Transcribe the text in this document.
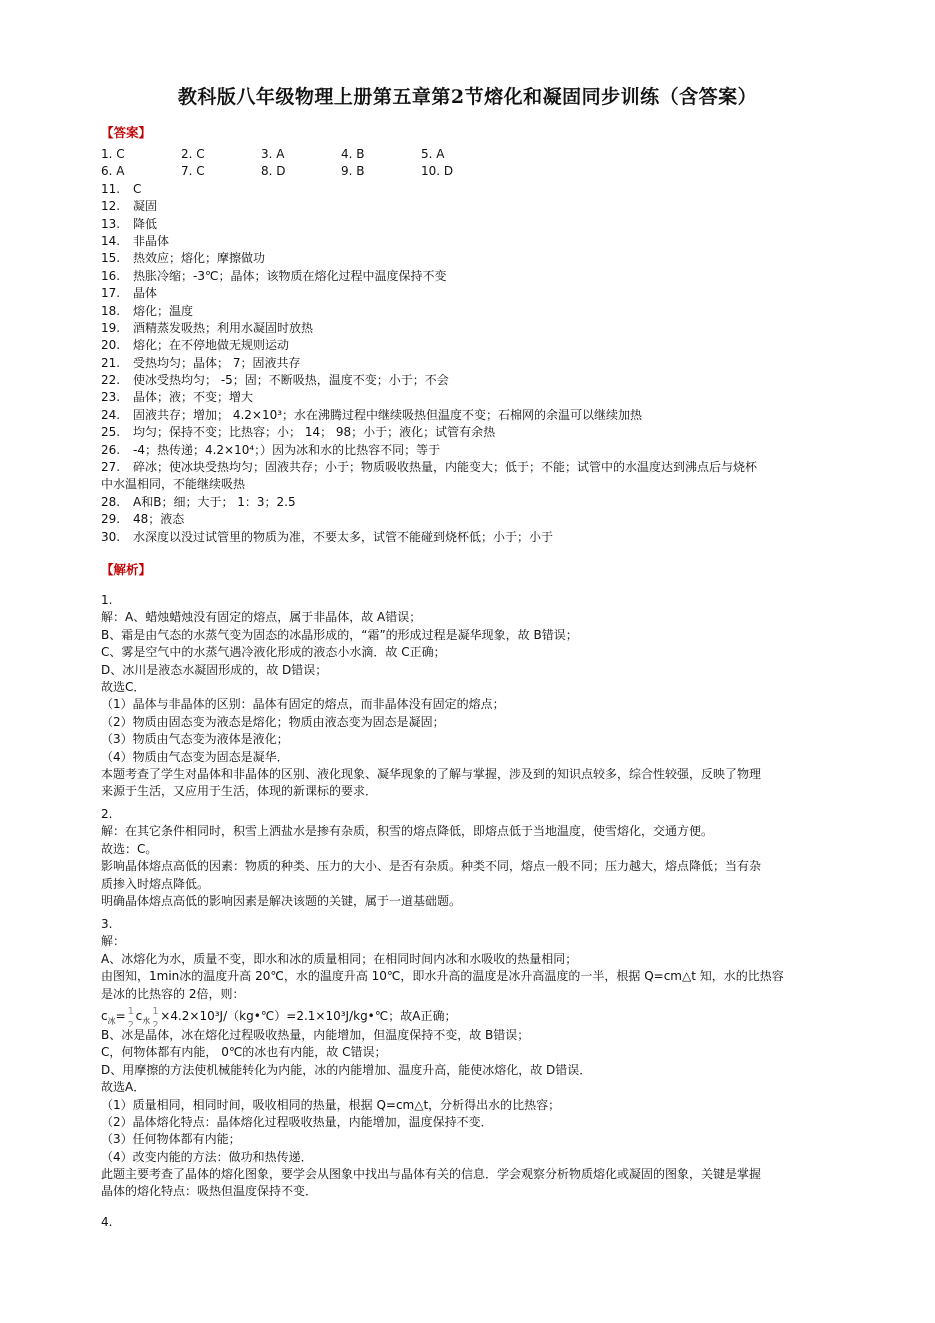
教科版八年级物理上册第五章第2节熔化和凝固同步训练（含答案）
【答案】
1. C	2. C	3. A	4. B	5. A
6. A	7. C	8. D	9. B	10. D
11. C
12. 凝固
13. 降低
14. 非晶体
15. 热效应；熔化；摩擦做功
16. 热胀冷缩；-3℃；晶体；该物质在熔化过程中温度保持不变
17. 晶体
18. 熔化；温度
19. 酒精蒸发吸热；利用水凝固时放热
20. 熔化；在不停地做无规则运动
21. 受热均匀；晶体； 7；固液共存
22. 使冰受热均匀； -5；固；不断吸热，温度不变；小于；不会
23. 晶体；液；不变；增大
24. 固液共存；增加； 4.2×10³；水在沸腾过程中继续吸热但温度不变；石棉网的余温可以继续加热
25. 均匀；保持不变；比热容；小； 14； 98；小于；液化；试管有余热
26. -4；热传递；4.2×10⁴；）因为冰和水的比热容不同；等于
27. 碎冰；使冰块受热均匀；固液共存；小于；物质吸收热量，内能变大；低于；不能；试管中的水温度达到沸点后与烧杯
中水温相同，不能继续吸热
28. A和B；细；大于； 1：3；2.5
29. 48；液态
30. 水深度以没过试管里的物质为准，不要太多，试管不能碰到烧杯低；小于；小于
【解析】
1.
解：A、蜡烛蜡烛没有固定的熔点，属于非晶体，故 A错误；
B、霜是由气态的水蒸气变为固态的冰晶形成的，“霜”的形成过程是凝华现象，故 B错误；
C、雾是空气中的水蒸气遇冷液化形成的液态小水滴．故 C正确；
D、冰川是液态水凝固形成的，故 D错误；
故选C．
（1）晶体与非晶体的区别：晶体有固定的熔点，而非晶体没有固定的熔点；
（2）物质由固态变为液态是熔化；物质由液态变为固态是凝固；
（3）物质由气态变为液体是液化；
（4）物质由气态变为固态是凝华．
本题考查了学生对晶体和非晶体的区别、液化现象、凝华现象的了解与掌握，涉及到的知识点较多，综合性较强，反映了物理
来源于生活，又应用于生活，体现的新课标的要求．
2.
解：在其它条件相同时，积雪上洒盐水是掺有杂质，积雪的熔点降低，即熔点低于当地温度，使雪熔化，交通方便。
故选：C。
影响晶体熔点高低的因素：物质的种类、压力的大小、是否有杂质。种类不同，熔点一般不同；压力越大，熔点降低；当有杂
质掺入时熔点降低。
明确晶体熔点高低的影响因素是解决该题的关键，属于一道基础题。
3.
解：
A、冰熔化为水，质量不变，即水和冰的质量相同；在相同时间内冰和水吸收的热量相同；
由图知，1min冰的温度升高 20℃，水的温度升高 10℃，即水升高的温度是冰升高温度的一半，根据 Q=cm△t 知，水的比热容
是冰的比热容的 2倍，则：
$c_冰= 1$
2
$c_水$
1
2
×4.2×10³J/（kg•℃）=2.1×10³J/kg•℃；故A正确；
B、冰是晶体，冰在熔化过程吸收热量，内能增加，但温度保持不变，故 B错误；
C，何物体都有内能， 0℃的冰也有内能，故 C错误；
D、用摩擦的方法使机械能转化为内能，冰的内能增加、温度升高，能使冰熔化，故 D错误．
故选A．
（1）质量相同，相同时间，吸收相同的热量，根据 Q=cm△t，分析得出水的比热容；
（2）晶体熔化特点：晶体熔化过程吸收热量，内能增加，温度保持不变．
（3）任何物体都有内能；
（4）改变内能的方法：做功和热传递．
此题主要考查了晶体的熔化图象，要学会从图象中找出与晶体有关的信息．学会观察分析物质熔化或凝固的图象，关键是掌握
晶体的熔化特点：吸热但温度保持不变．
4.
